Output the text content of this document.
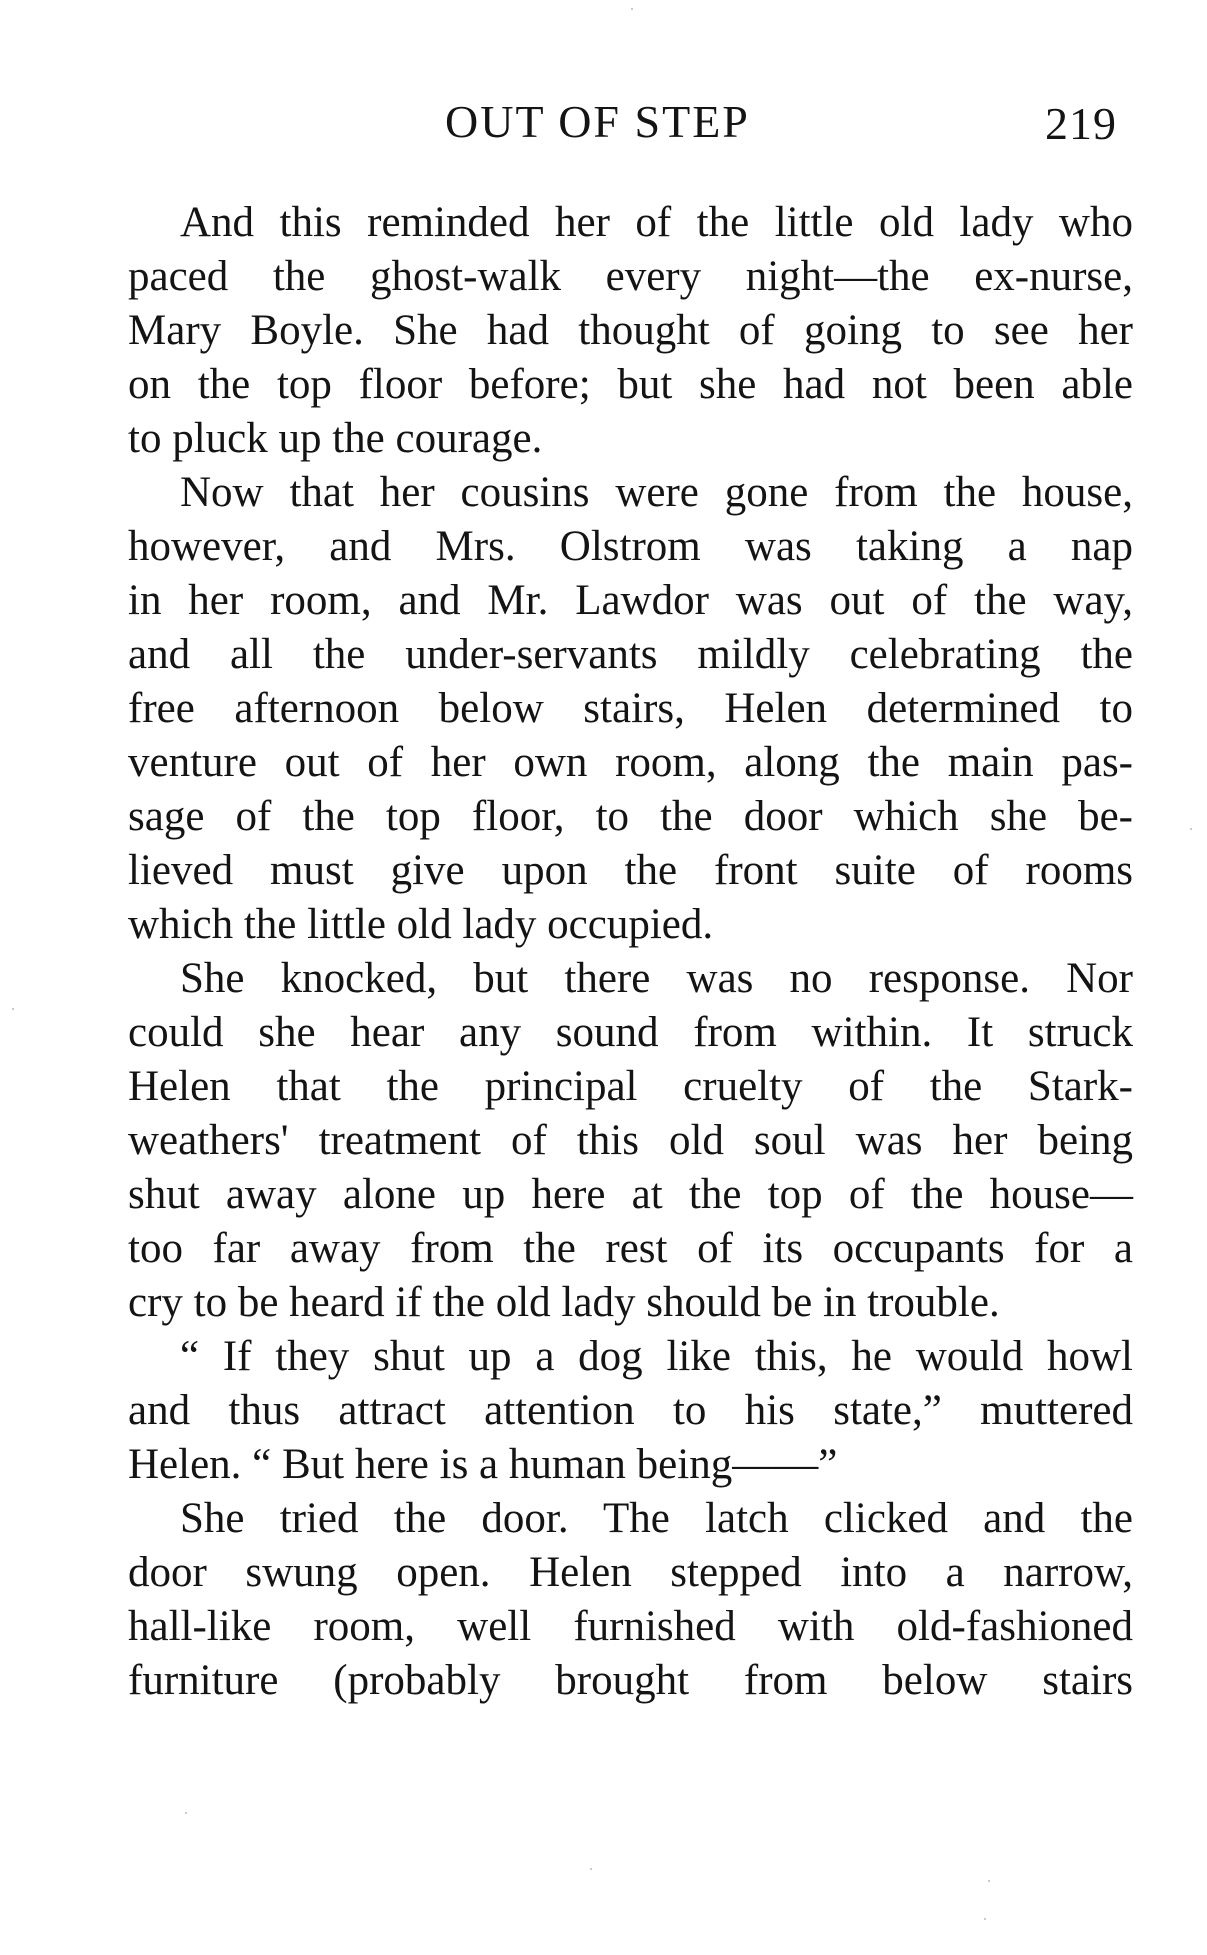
OUT OF STEP	219
And this reminded her of the little old lady who
paced the ghost-walk every night—the ex-nurse,
Mary Boyle. She had thought of going to see her
on the top floor before; but she had not been able
to pluck up the courage.
Now that her cousins were gone from the house,
however, and Mrs. Olstrom was taking a nap
in her room, and Mr. Lawdor was out of the way,
and all the under-servants mildly celebrating the
free afternoon below stairs, Helen determined to
venture out of her own room, along the main pas-
sage of the top floor, to the door which she be-
lieved must give upon the front suite of rooms
which the little old lady occupied.
She knocked, but there was no response. Nor
could she hear any sound from within. It struck
Helen that the principal cruelty of the Stark-
weathers' treatment of this old soul was her being
shut away alone up here at the top of the house—
too far away from the rest of its occupants for a
cry to be heard if the old lady should be in trouble.
“ If they shut up a dog like this, he would howl
and thus attract attention to his state,” muttered
Helen. “ But here is a human being——”
She tried the door. The latch clicked and the
door swung open. Helen stepped into a narrow,
hall-like room, well furnished with old-fashioned
furniture (probably brought from below stairs
